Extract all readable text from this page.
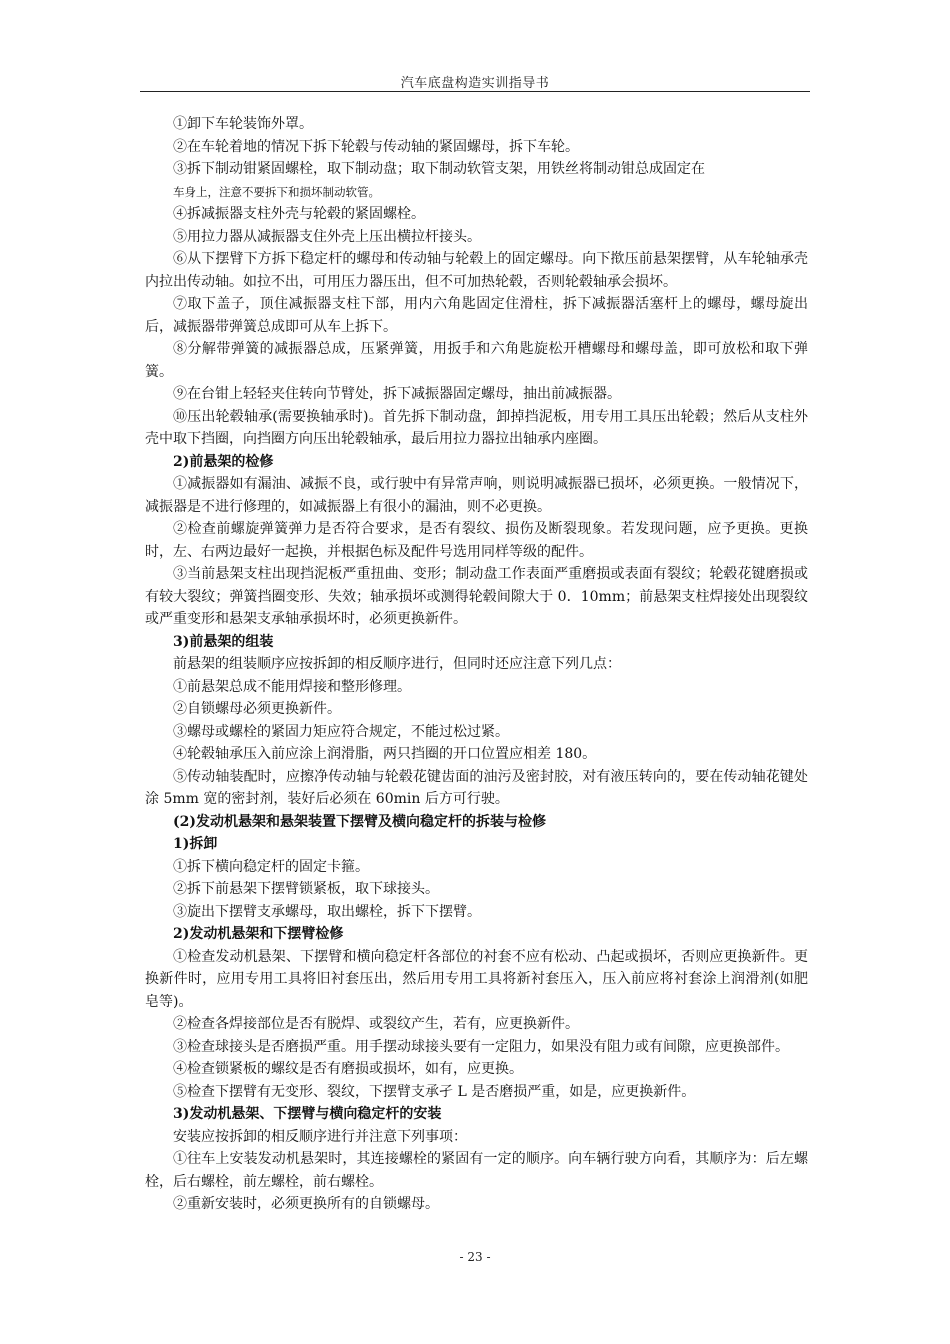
汽车底盘构造实训指导书

①卸下车轮装饰外罩。

②在车轮着地的情况下拆下轮毂与传动轴的紧固螺母，拆下车轮。

③拆下制动钳紧固螺栓，取下制动盘；取下制动软管支架，用铁丝将制动钳总成固定在

车身上，注意不要拆下和损坏制动软管。

④拆减振器支柱外壳与轮毂的紧固螺栓。

⑤用拉力器从减振器支住外壳上压出横拉杆接头。

⑥从下摆臂下方拆下稳定杆的螺母和传动轴与轮毂上的固定螺母。向下揿压前悬架摆臂，从车轮轴承壳内拉出传动轴。如拉不出，可用压力器压出，但不可加热轮毂，否则轮毂轴承会损坏。

⑦取下盖子，顶住减振器支柱下部，用内六角匙固定住滑柱，拆下减振器活塞杆上的螺母，螺母旋出后，减振器带弹簧总成即可从车上拆下。

⑧分解带弹簧的减振器总成，压紧弹簧，用扳手和六角匙旋松开槽螺母和螺母盖，即可放松和取下弹簧。

⑨在台钳上轻轻夹住转向节臂处，拆下减振器固定螺母，抽出前减振器。

⑩压出轮毂轴承(需要换轴承时)。首先拆下制动盘，卸掉挡泥板，用专用工具压出轮毂；然后从支柱外壳中取下挡圈，向挡圈方向压出轮毂轴承，最后用拉力器拉出轴承内座圈。

2)前悬架的检修

①减振器如有漏油、减振不良，或行驶中有异常声响，则说明减振器已损坏，必须更换。一般情况下，减振器是不进行修理的，如减振器上有很小的漏油，则不必更换。

②检查前螺旋弹簧弹力是否符合要求，是否有裂纹、损伤及断裂现象。若发现问题，应予更换。更换时，左、右两边最好一起换，并根据色标及配件号选用同样等级的配件。

③当前悬架支柱出现挡泥板严重扭曲、变形；制动盘工作表面严重磨损或表面有裂纹；轮毂花键磨损或有较大裂纹；弹簧挡圈变形、失效；轴承损坏或测得轮毂间隙大于 0．10mm；前悬架支柱焊接处出现裂纹或严重变形和悬架支承轴承损坏时，必须更换新件。

3)前悬架的组装

前悬架的组装顺序应按拆卸的相反顺序进行，但同时还应注意下列几点：

①前悬架总成不能用焊接和整形修理。

②自锁螺母必须更换新件。

③螺母或螺栓的紧固力矩应符合规定，不能过松过紧。

④轮毂轴承压入前应涂上润滑脂，两只挡圈的开口位置应相差 180。

⑤传动轴装配时，应擦净传动轴与轮毂花键齿面的油污及密封胶，对有液压转向的，要在传动轴花键处涂 5mm 宽的密封剂，装好后必须在 60min 后方可行驶。

(2)发动机悬架和悬架装置下摆臂及横向稳定杆的拆装与检修

1)拆卸

①拆下横向稳定杆的固定卡箍。

②拆下前悬架下摆臂锁紧板，取下球接头。

③旋出下摆臂支承螺母，取出螺栓，拆下下摆臂。

2)发动机悬架和下摆臂检修

①检查发动机悬架、下摆臂和横向稳定杆各部位的衬套不应有松动、凸起或损坏，否则应更换新件。更换新件时，应用专用工具将旧衬套压出，然后用专用工具将新衬套压入，压入前应将衬套涂上润滑剂(如肥皂等)。

②检查各焊接部位是否有脱焊、或裂纹产生，若有，应更换新件。

③检查球接头是否磨损严重。用手摆动球接头要有一定阻力，如果没有阻力或有间隙，应更换部件。

④检查锁紧板的螺纹是否有磨损或损坏，如有，应更换。

⑤检查下摆臂有无变形、裂纹，下摆臂支承孑 L 是否磨损严重，如是，应更换新件。

3)发动机悬架、下摆臂与横向稳定杆的安装

安装应按拆卸的相反顺序进行并注意下列事项：

①往车上安装发动机悬架时，其连接螺栓的紧固有一定的顺序。向车辆行驶方向看，其顺序为：后左螺栓，后右螺栓，前左螺栓，前右螺栓。

②重新安装时，必须更换所有的自锁螺母。

- 23 -
